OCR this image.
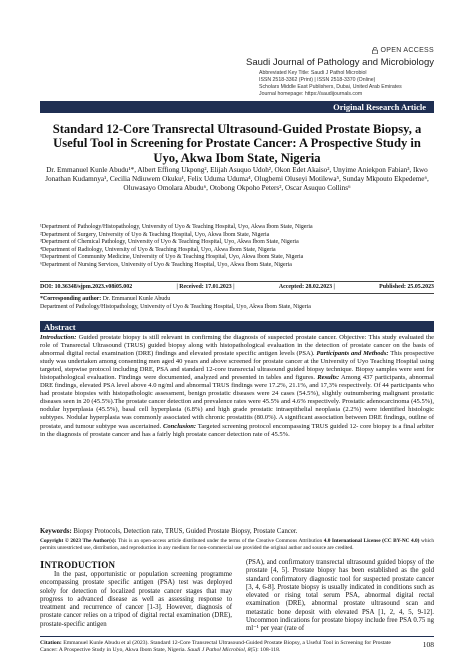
OPEN ACCESS
Saudi Journal of Pathology and Microbiology
Abbreviated Key Title: Saudi J Pathol Microbiol
ISSN 2518-3362 (Print) | ISSN 2518-3370 (Online)
Scholars Middle East Publishers, Dubai, United Arab Emirates
Journal homepage: https://saudijournals.com
Original Research Article
Standard 12-Core Transrectal Ultrasound-Guided Prostate Biopsy, a Useful Tool in Screening for Prostate Cancer: A Prospective Study in Uyo, Akwa Ibom State, Nigeria
Dr. Emmanuel Kunle Abudu¹*, Albert Effiong Ukpong², Elijah Asuquo Udoh², Okon Edet Akaiso², Unyime Aniekpon Fabian³, Ikwo Jonathan Kudamnya¹, Cecilia Ndiuwem Okuku¹, Felix Uduma Uduma⁴, Olugbemi Oluseyi Motilewa⁵, Sunday Mkpouto Ekpedeme⁶, Oluwasayo Omolara Abudu⁶, Otobong Okpoho Peters², Oscar Asuquo Collins⁶
¹Department of Pathology/Histopathology, University of Uyo & Teaching Hospital, Uyo, Akwa Ibom State, Nigeria
²Department of Surgery, University of Uyo & Teaching Hospital, Uyo, Akwa Ibom State, Nigeria
³Department of Chemical Pathology, University of Uyo & Teaching Hospital, Uyo, Akwa Ibom State, Nigeria
⁴Department of Radiology, University of Uyo & Teaching Hospital, Uyo, Akwa Ibom State, Nigeria
⁵Department of Community Medicine, University of Uyo & Teaching Hospital, Uyo, Akwa Ibom State, Nigeria
⁶Department of Nursing Services, University of Uyo & Teaching Hospital, Uyo, Akwa Ibom State, Nigeria
DOI: 10.36348/sjpm.2023.v08i05.002	| Received: 17.01.2023 |	Accepted: 28.02.2023 |	Published: 25.05.2023
*Corresponding author: Dr. Emmanuel Kunle Abudu
Department of Pathology/Histopathology, University of Uyo & Teaching Hospital, Uyo, Akwa Ibom State, Nigeria
Abstract
Introduction: Guided prostate biopsy is still relevant in confirming the diagnosis of suspected prostate cancer. Objective: This study evaluated the role of Transrectal Ultrasound (TRUS) guided biopsy along with histopathological evaluation in the detection of prostate cancer on the basis of abnormal digital rectal examination (DRE) findings and elevated prostate specific antigen levels (PSA). Participants and Methods: This prospective study was undertaken among consenting men aged 40 years and above screened for prostate cancer at the University of Uyo Teaching Hospital using targeted, stepwise protocol including DRE, PSA and standard 12-core transrectal ultrasound guided biopsy technique. Biopsy samples were sent for histopathological evaluation. Findings were documented, analyzed and presented in tables and figures. Results: Among 437 participants, abnormal DRE findings, elevated PSA level above 4.0 ng/ml and abnormal TRUS findings were 17.2%, 21.1%, and 17,3% respectively. Of 44 participants who had prostate biopsies with histopathologic assessment, benign prostatic diseases were 24 cases (54.5%), slightly outnumbering malignant prostatic diseases seen in 20 (45.5%).The prostate cancer detection and prevalence rates were 45.5% and 4.6% respectively. Prostatic adenocarcinoma (45.5%), nodular hyperplasia (45.5%), basal cell hyperplasia (6.8%) and high grade prostatic intraepithelial neoplasia (2.2%) were identified histologic subtypes. Nodular hyperplasia was commonly associated with chronic prostatitis (80.0%). A significant association between DRE findings, outline of prostate, and tumour subtype was ascertained. Conclusion: Targeted screening protocol encompassing TRUS guided 12- core biopsy is a final arbiter in the diagnosis of prostate cancer and has a fairly high prostate cancer detection rate of 45.5%.
Keywords: Biopsy Protocols, Detection rate, TRUS, Guided Prostate Biopsy, Prostate Cancer.
Copyright © 2023 The Author(s): This is an open-access article distributed under the terms of the Creative Commons Attribution 4.0 International License (CC BY-NC 4.0) which permits unrestricted use, distribution, and reproduction in any medium for non-commercial use provided the original author and source are credited.
INTRODUCTION
In the past, opportunistic or population screening programme encompassing prostate specific antigen (PSA) test was deployed solely for detection of localized prostate cancer stages that may progress to advanced disease as well as assessing response to treatment and recurrence of cancer [1-3]. However, diagnosis of prostate cancer relies on a tripod of digital rectal examination (DRE), prostate-specific antigen
(PSA), and confirmatory transrectal ultrasound guided biopsy of the prostate [4, 5]. Prostate biopsy has been established as the gold standard confirmatory diagnostic tool for suspected prostate cancer [3, 4, 6-8]. Prostate biopsy is usually indicated in conditions such as elevated or rising total serum PSA, abnormal digital rectal examination (DRE), abnormal prostate ultrasound scan and metastatic bone deposit with elevated PSA [1, 2, 4, 5, 9-12]. Uncommon indications for prostate biopsy include free PSA 0.75 ng ml⁻¹ per year (rate of
Citation: Emmanuel Kunle Abudu et al (2023). Standard 12-Core Transrectal Ultrasound-Guided Prostate Biopsy, a Useful Tool in Screening for Prostate Cancer: A Prospective Study in Uyo, Akwa Ibom State, Nigeria. Saudi J Pathol Microbiol, 8(5): 108-118.
108
